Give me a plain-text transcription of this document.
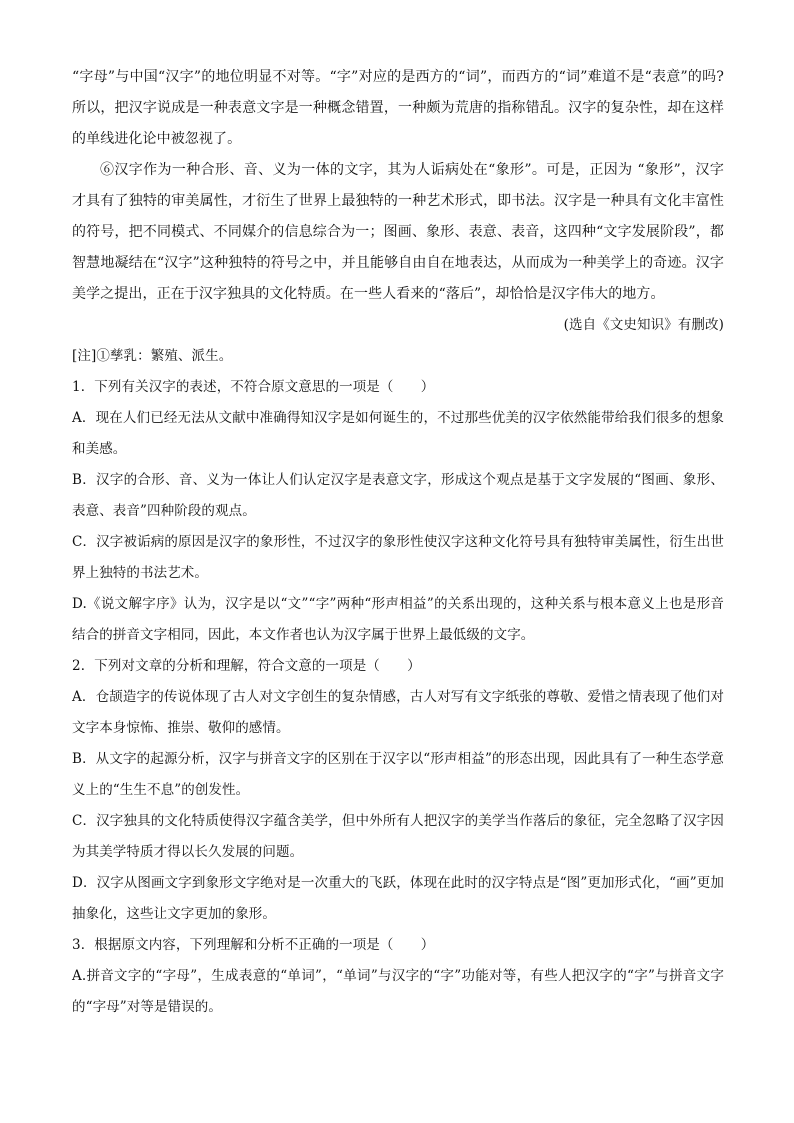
“字母”与中国“汉字”的地位明显不对等。“字”对应的是西方的“词”，而西方的“词”难道不是“表意”的吗?所以，把汉字说成是一种表意文字是一种概念错置，一种颇为荒唐的指称错乱。汉字的复杂性，却在这样的单线进化论中被忽视了。

⑥汉字作为一种合形、音、义为一体的文字，其为人诟病处在“象形”。可是，正因为 “象形”，汉字才具有了独特的审美属性，才衍生了世界上最独特的一种艺术形式，即书法。汉字是一种具有文化丰富性的符号，把不同模式、不同媒介的信息综合为一；图画、象形、表意、表音，这四种“文字发展阶段”，都智慧地凝结在“汉字”这种独特的符号之中，并且能够自由自在地表达，从而成为一种美学上的奇迹。汉字美学之提出，正在于汉字独具的文化特质。在一些人看来的“落后”，却恰恰是汉字伟大的地方。

(选自《文史知识》有删改)

[注]①孳乳：繁殖、派生。

1．下列有关汉字的表述，不符合原文意思的一项是（　　）

A．现在人们已经无法从文献中准确得知汉字是如何诞生的，不过那些优美的汉字依然能带给我们很多的想象和美感。

B．汉字的合形、音、义为一体让人们认定汉字是表意文字，形成这个观点是基于文字发展的“图画、象形、表意、表音”四种阶段的观点。

C．汉字被诟病的原因是汉字的象形性，不过汉字的象形性使汉字这种文化符号具有独特审美属性，衍生出世界上独特的书法艺术。

D.《说文解字序》认为，汉字是以“文”“字”两种“形声相益”的关系出现的，这种关系与根本意义上也是形音结合的拼音文字相同，因此，本文作者也认为汉字属于世界上最低级的文字。

2．下列对文章的分析和理解，符合文意的一项是（　　）

A．仓颉造字的传说体现了古人对文字创生的复杂情感，古人对写有文字纸张的尊敬、爱惜之情表现了他们对文字本身惊怖、推崇、敬仰的感情。

B．从文字的起源分析，汉字与拼音文字的区别在于汉字以“形声相益”的形态出现，因此具有了一种生态学意义上的“生生不息”的创发性。

C．汉字独具的文化特质使得汉字蕴含美学，但中外所有人把汉字的美学当作落后的象征，完全忽略了汉字因为其美学特质才得以长久发展的问题。

D．汉字从图画文字到象形文字绝对是一次重大的飞跃，体现在此时的汉字特点是“图”更加形式化，“画”更加抽象化，这些让文字更加的象形。

3．根据原文内容，下列理解和分析不正确的一项是（　　）

A.拼音文字的“字母”，生成表意的“单词”，“单词”与汉字的“字”功能对等，有些人把汉字的“字”与拼音文字的“字母”对等是错误的。
